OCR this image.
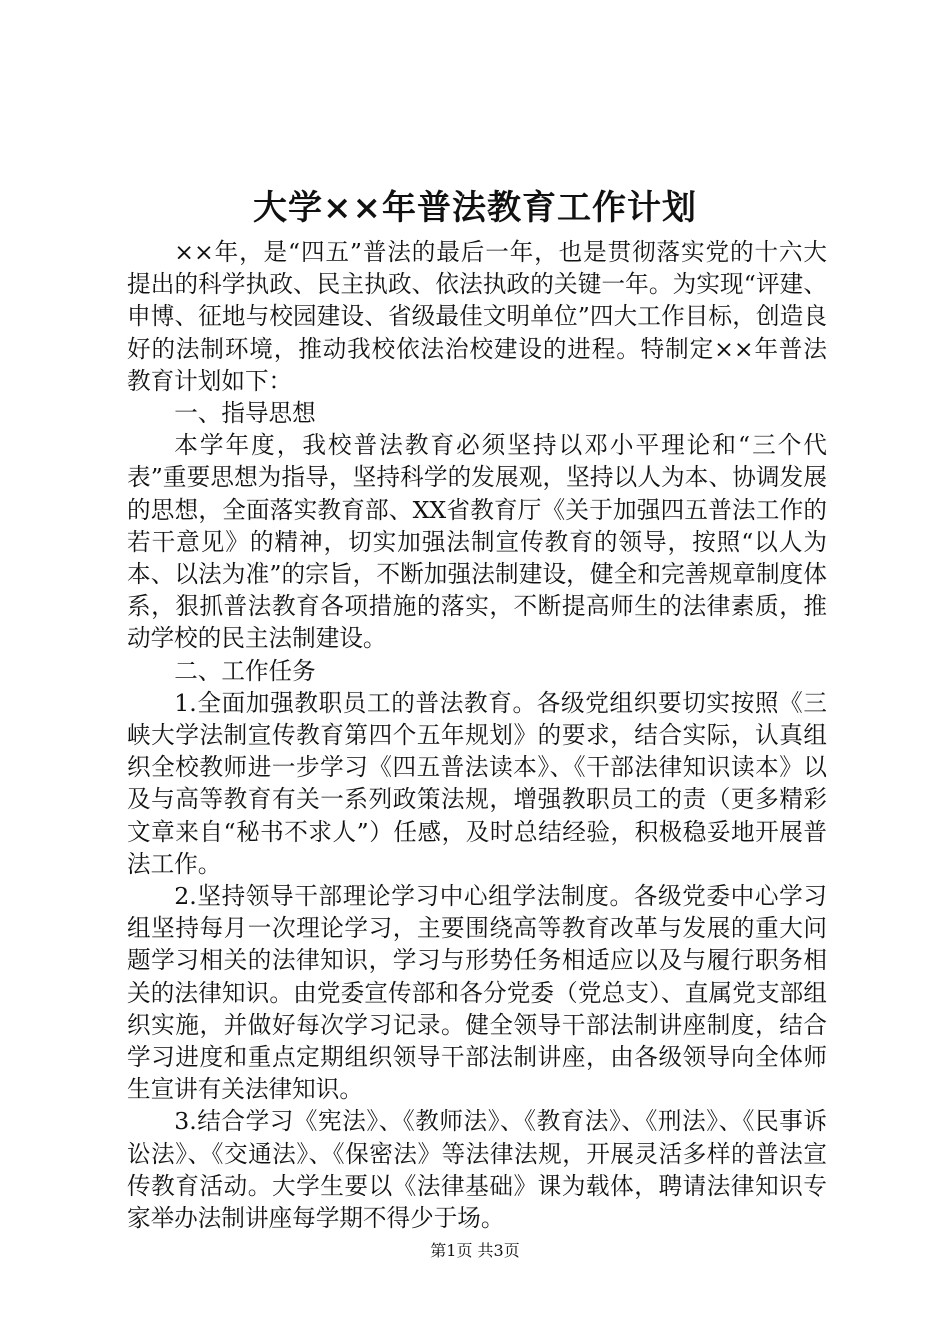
大学××年普法教育工作计划

××年，是“四五”普法的最后一年，也是贯彻落实党的十六大提出的科学执政、民主执政、依法执政的关键一年。为实现“评建、申博、征地与校园建设、省级最佳文明单位”四大工作目标，创造良好的法制环境，推动我校依法治校建设的进程。特制定××年普法教育计划如下：

一、指导思想

本学年度，我校普法教育必须坚持以邓小平理论和“三个代表”重要思想为指导，坚持科学的发展观，坚持以人为本、协调发展的思想，全面落实教育部、XX省教育厅《关于加强四五普法工作的若干意见》的精神，切实加强法制宣传教育的领导，按照“以人为本、以法为准”的宗旨，不断加强法制建设，健全和完善规章制度体系，狠抓普法教育各项措施的落实，不断提高师生的法律素质，推动学校的民主法制建设。

二、工作任务

1.全面加强教职员工的普法教育。各级党组织要切实按照《三峡大学法制宣传教育第四个五年规划》的要求，结合实际，认真组织全校教师进一步学习《四五普法读本》、《干部法律知识读本》以及与高等教育有关一系列政策法规，增强教职员工的责（更多精彩文章来自“秘书不求人”）任感，及时总结经验，积极稳妥地开展普法工作。

2.坚持领导干部理论学习中心组学法制度。各级党委中心学习组坚持每月一次理论学习，主要围绕高等教育改革与发展的重大问题学习相关的法律知识，学习与形势任务相适应以及与履行职务相关的法律知识。由党委宣传部和各分党委（党总支）、直属党支部组织实施，并做好每次学习记录。健全领导干部法制讲座制度，结合学习进度和重点定期组织领导干部法制讲座，由各级领导向全体师生宣讲有关法律知识。

3.结合学习《宪法》、《教师法》、《教育法》、《刑法》、《民事诉讼法》、《交通法》、《保密法》等法律法规，开展灵活多样的普法宣传教育活动。大学生要以《法律基础》课为载体，聘请法律知识专家举办法制讲座每学期不得少于场。

第1页 共3页
